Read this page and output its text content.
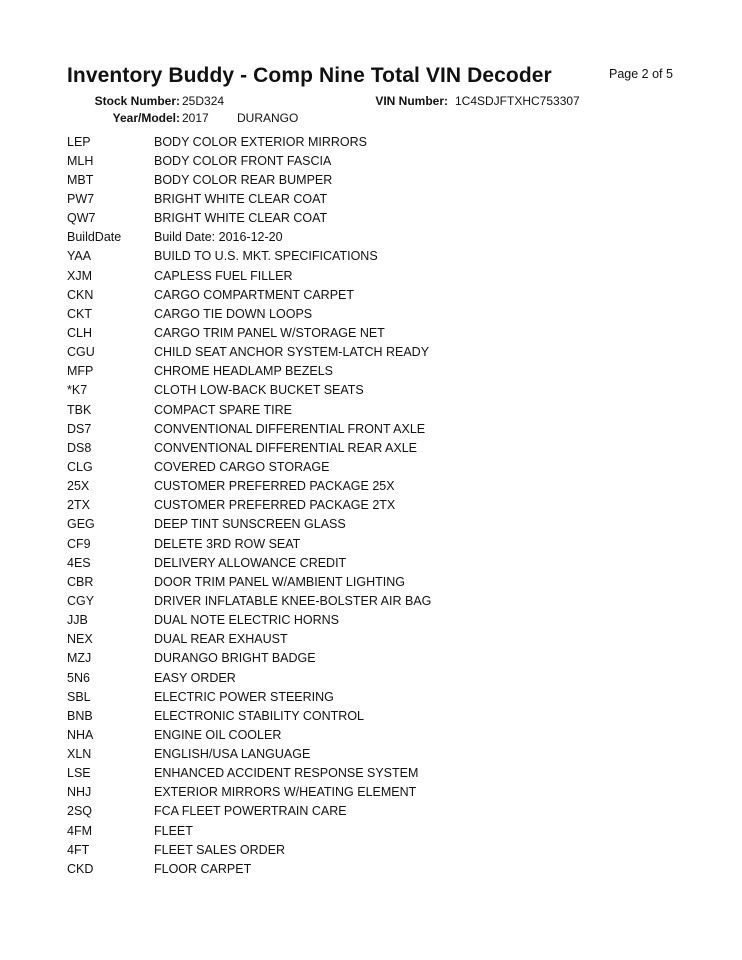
Inventory Buddy - Comp Nine Total VIN Decoder	Page 2 of 5
Stock Number: 25D324
Year/Model: 2017 DURANGO
VIN Number: 1C4SDJFTXHC753307
LEP	BODY COLOR EXTERIOR MIRRORS
MLH	BODY COLOR FRONT FASCIA
MBT	BODY COLOR REAR BUMPER
PW7	BRIGHT WHITE CLEAR COAT
QW7	BRIGHT WHITE CLEAR COAT
BuildDate	Build Date: 2016-12-20
YAA	BUILD TO U.S. MKT. SPECIFICATIONS
XJM	CAPLESS FUEL FILLER
CKN	CARGO COMPARTMENT CARPET
CKT	CARGO TIE DOWN LOOPS
CLH	CARGO TRIM PANEL W/STORAGE NET
CGU	CHILD SEAT ANCHOR SYSTEM-LATCH READY
MFP	CHROME HEADLAMP BEZELS
*K7	CLOTH LOW-BACK BUCKET SEATS
TBK	COMPACT SPARE TIRE
DS7	CONVENTIONAL DIFFERENTIAL FRONT AXLE
DS8	CONVENTIONAL DIFFERENTIAL REAR AXLE
CLG	COVERED CARGO STORAGE
25X	CUSTOMER PREFERRED PACKAGE 25X
2TX	CUSTOMER PREFERRED PACKAGE 2TX
GEG	DEEP TINT SUNSCREEN GLASS
CF9	DELETE 3RD ROW SEAT
4ES	DELIVERY ALLOWANCE CREDIT
CBR	DOOR TRIM PANEL W/AMBIENT LIGHTING
CGY	DRIVER INFLATABLE KNEE-BOLSTER AIR BAG
JJB	DUAL NOTE ELECTRIC HORNS
NEX	DUAL REAR EXHAUST
MZJ	DURANGO BRIGHT BADGE
5N6	EASY ORDER
SBL	ELECTRIC POWER STEERING
BNB	ELECTRONIC STABILITY CONTROL
NHA	ENGINE OIL COOLER
XLN	ENGLISH/USA LANGUAGE
LSE	ENHANCED ACCIDENT RESPONSE SYSTEM
NHJ	EXTERIOR MIRRORS W/HEATING ELEMENT
2SQ	FCA FLEET POWERTRAIN CARE
4FM	FLEET
4FT	FLEET SALES ORDER
CKD	FLOOR CARPET
